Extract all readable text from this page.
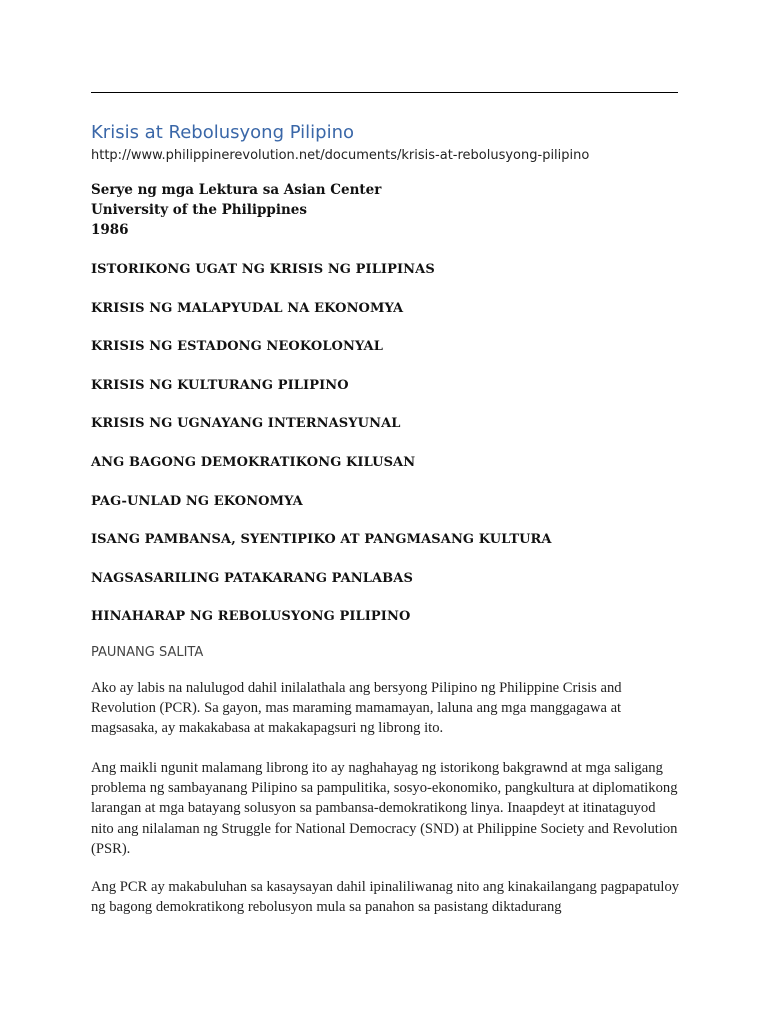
Krisis at Rebolusyong Pilipino
http://www.philippinerevolution.net/documents/krisis-at-rebolusyong-pilipino
Serye ng mga Lektura sa Asian Center
University of the Philippines
1986
ISTORIKONG UGAT NG KRISIS NG PILIPINAS
KRISIS NG MALAPYUDAL NA EKONOMYA
KRISIS NG ESTADONG NEOKOLONYAL
KRISIS NG KULTURANG PILIPINO
KRISIS NG UGNAYANG INTERNASYUNAL
ANG BAGONG DEMOKRATIKONG KILUSAN
PAG-UNLAD NG EKONOMYA
ISANG PAMBANSA, SYENTIPIKO AT PANGMASANG KULTURA
NAGSASARILING PATAKARANG PANLABAS
HINAHARAP NG REBOLUSYONG PILIPINO
PAUNANG SALITA

Ako ay labis na nalulugod dahil inilalathala ang bersyong Pilipino ng Philippine Crisis and Revolution (PCR). Sa gayon, mas maraming mamamayan, laluna ang mga manggagawa at magsasaka, ay makakabasa at makakapagsuri ng librong ito.

Ang maikli ngunit malamang librong ito ay naghahayag ng istorikong bakgrawnd at mga saligang problema ng sambayanang Pilipino sa pampulitika, sosyo-ekonomiko, pangkultura at diplomatikong larangan at mga batayang solusyon sa pambansa-demokratikong linya. Inaapdeyt at itinataguyod nito ang nilalaman ng Struggle for National Democracy (SND) at Philippine Society and Revolution (PSR).

Ang PCR ay makabuluhan sa kasaysayan dahil ipinaliliwanag nito ang kinakailangang pagpapatuloy ng bagong demokratikong rebolusyon mula sa panahon sa pasistang diktadurang
